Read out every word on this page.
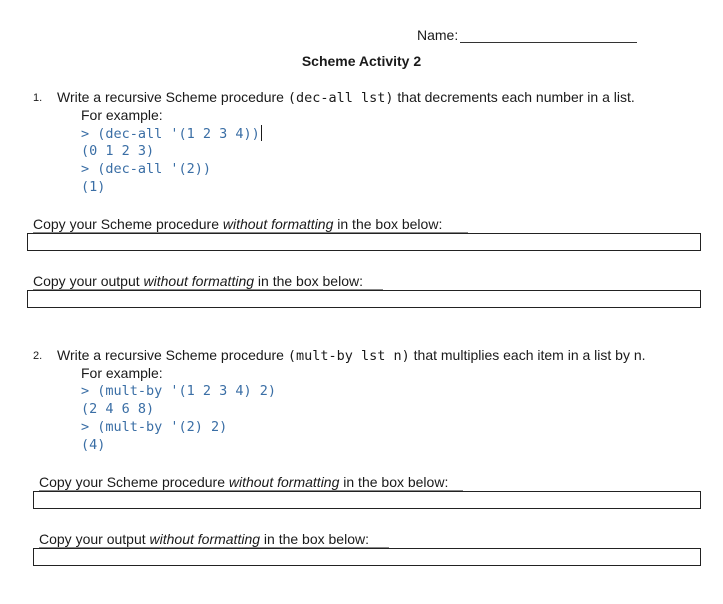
Name:
Scheme Activity 2
1. Write a recursive Scheme procedure (dec-all lst) that decrements each number in a list.
For example:
> (dec-all '(1 2 3 4))
(0 1 2 3)
> (dec-all '(2))
(1)
Copy your Scheme procedure without formatting in the box below:
Copy your output without formatting in the box below:
2. Write a recursive Scheme procedure (mult-by lst n) that multiplies each item in a list by n.
For example:
> (mult-by '(1 2 3 4) 2)
(2 4 6 8)
> (mult-by '(2) 2)
(4)
Copy your Scheme procedure without formatting in the box below:
Copy your output without formatting in the box below:
